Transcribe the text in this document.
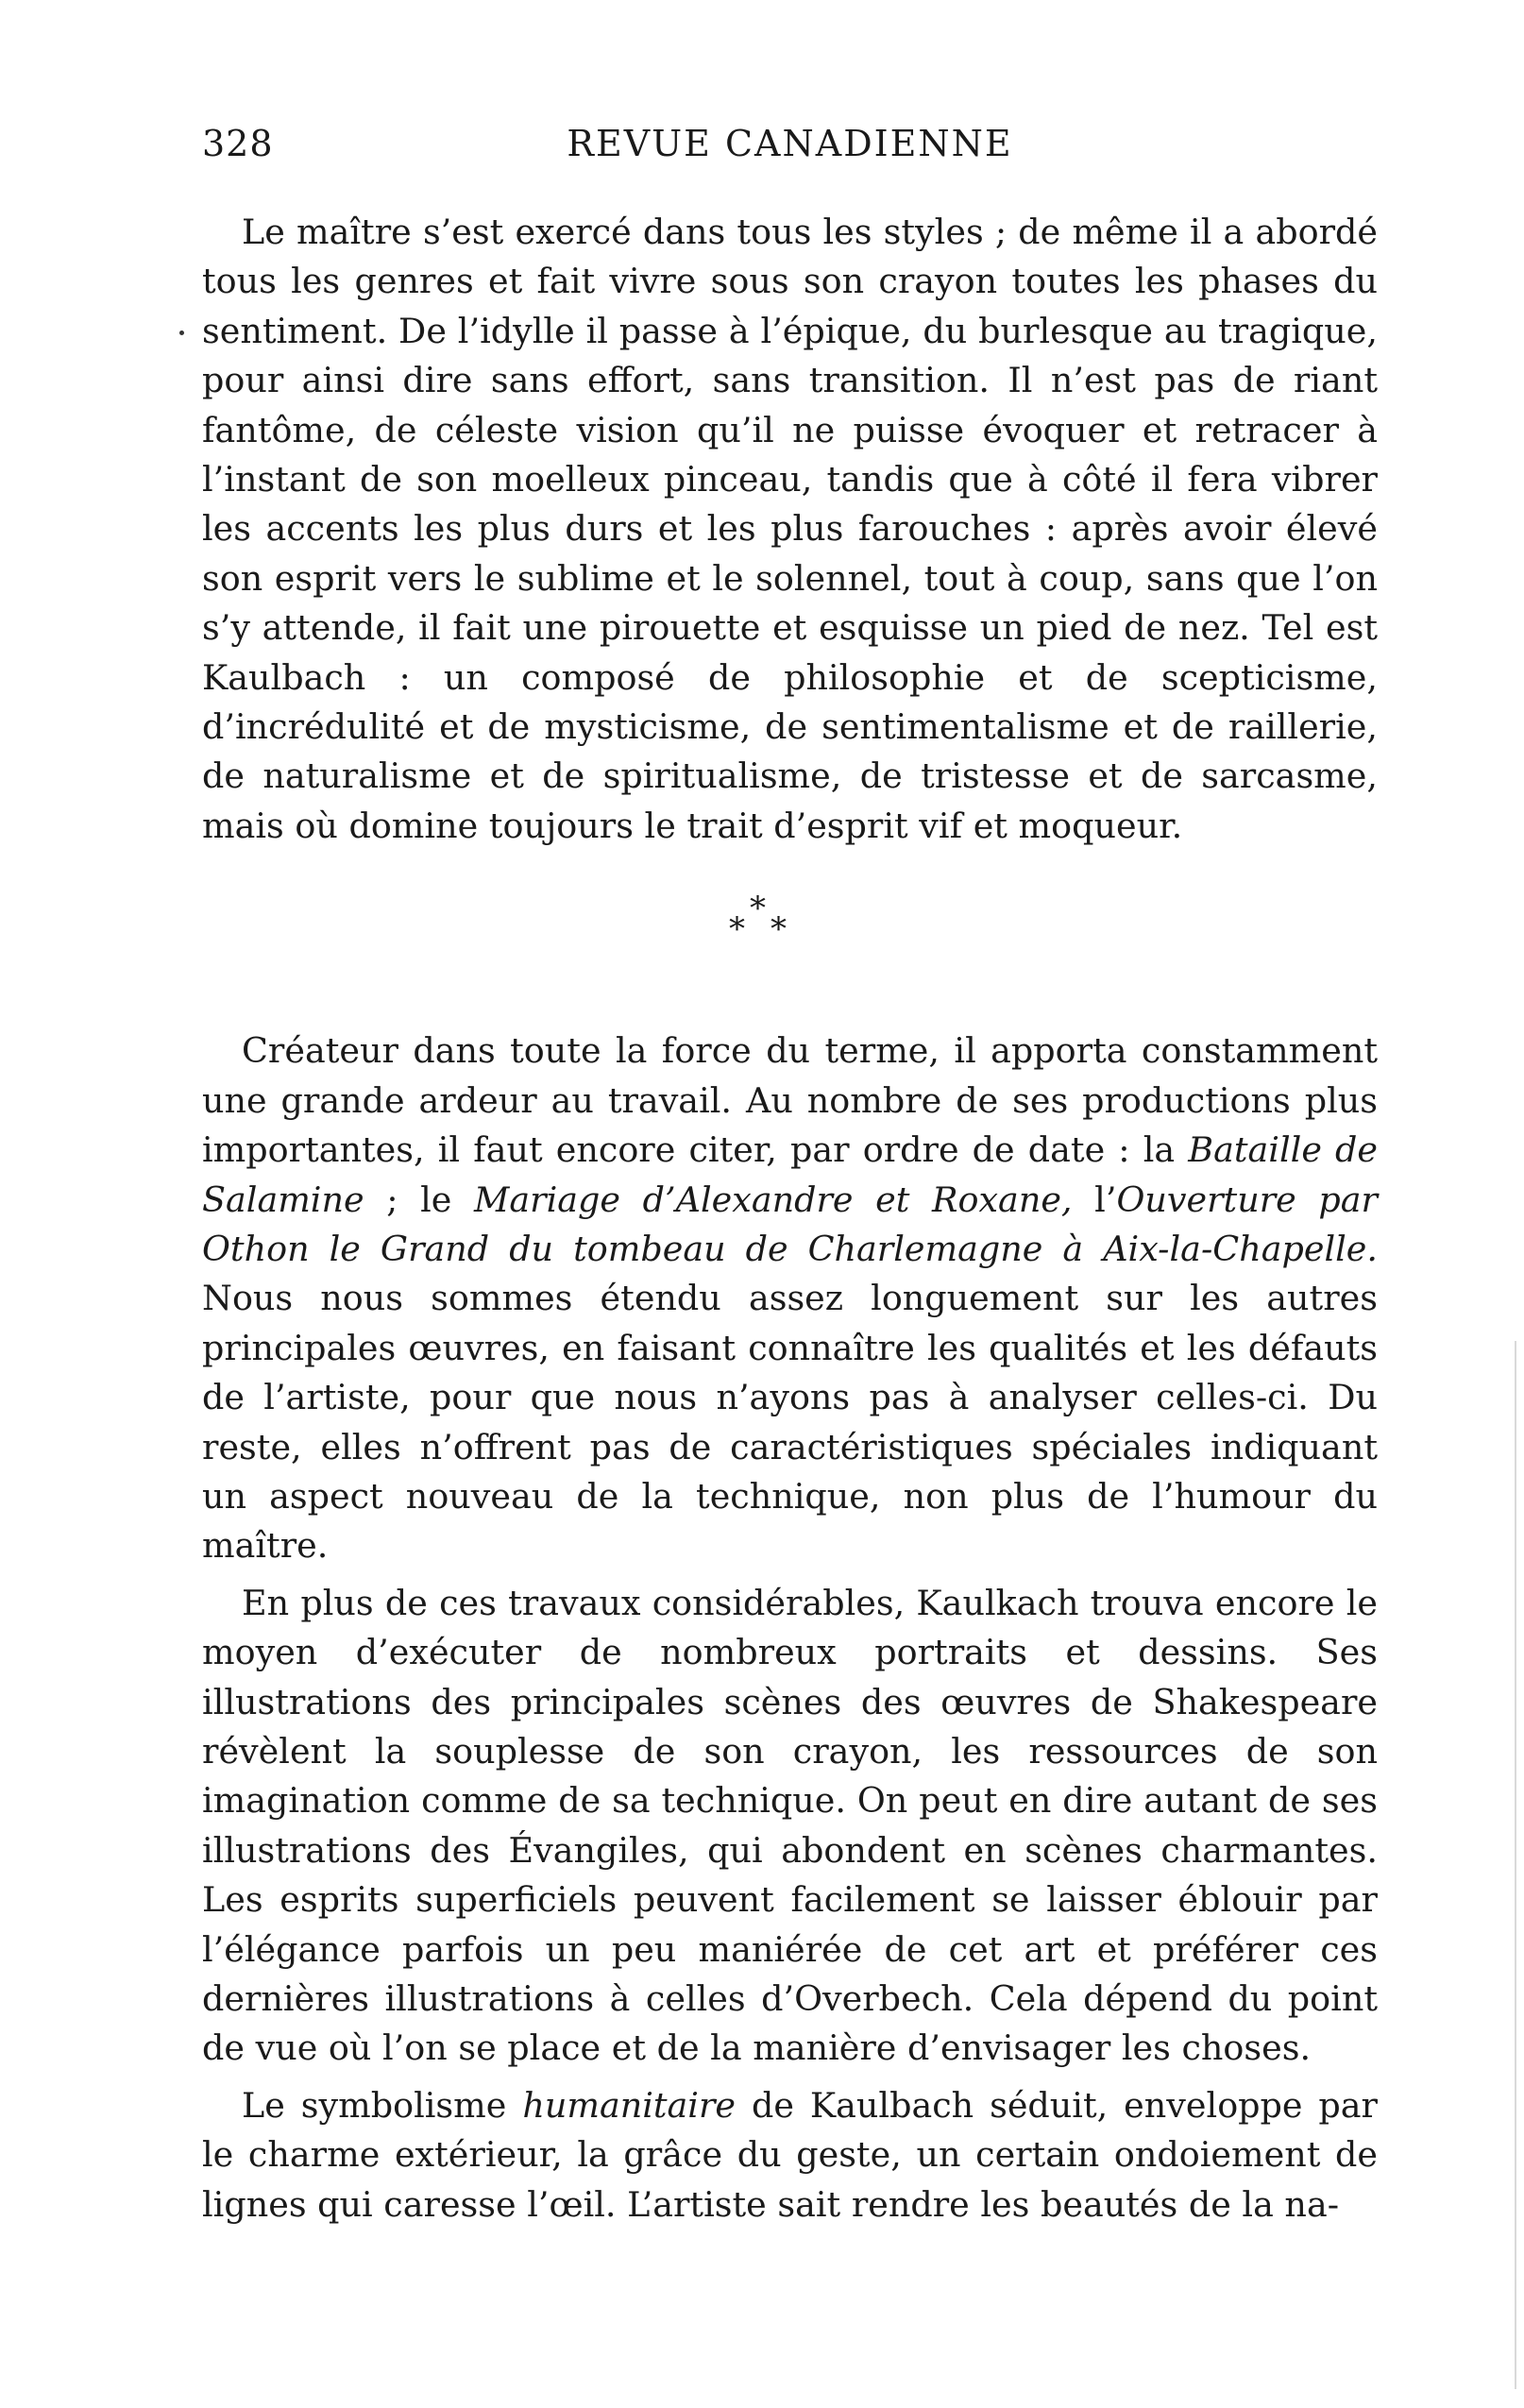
328	REVUE CANADIENNE

Le maître s’est exercé dans tous les styles ; de même il a abordé tous les genres et fait vivre sous son crayon toutes les phases du sentiment. De l’idylle il passe à l’épique, du burlesque au tragique, pour ainsi dire sans effort, sans transition. Il n’est pas de riant fantôme, de céleste vision qu’il ne puisse évoquer et retracer à l’instant de son moelleux pinceau, tandis que à côté il fera vibrer les accents les plus durs et les plus farouches : après avoir élevé son esprit vers le sublime et le solennel, tout à coup, sans que l’on s’y attende, il fait une pirouette et esquisse un pied de nez. Tel est Kaulbach : un composé de philosophie et de scepticisme, d’incrédulité et de mysticisme, de sentimentalisme et de raillerie, de naturalisme et de spiritualisme, de tristesse et de sarcasme, mais où domine toujours le trait d’esprit vif et moqueur.

*
* *

Créateur dans toute la force du terme, il apporta constamment une grande ardeur au travail. Au nombre de ses productions plus importantes, il faut encore citer, par ordre de date : la Bataille de Salamine ; le Mariage d’Alexandre et Roxane, l’Ouverture par Othon le Grand du tombeau de Charlemagne à Aix-la-Chapelle. Nous nous sommes étendu assez longuement sur les autres principales œuvres, en faisant connaître les qualités et les défauts de l’artiste, pour que nous n’ayons pas à analyser celles-ci. Du reste, elles n’offrent pas de caractéristiques spéciales indiquant un aspect nouveau de la technique, non plus de l’humour du maître.

En plus de ces travaux considérables, Kaulkach trouva encore le moyen d’exécuter de nombreux portraits et dessins. Ses illustrations des principales scènes des œuvres de Shakespeare révèlent la souplesse de son crayon, les ressources de son imagination comme de sa technique. On peut en dire autant de ses illustrations des Évangiles, qui abondent en scènes charmantes. Les esprits superficiels peuvent facilement se laisser éblouir par l’élégance parfois un peu maniérée de cet art et préférer ces dernières illustrations à celles d’Overbech. Cela dépend du point de vue où l’on se place et de la manière d’envisager les choses.

Le symbolisme humanitaire de Kaulbach séduit, enveloppe par le charme extérieur, la grâce du geste, un certain ondoiement de lignes qui caresse l’œil. L’artiste sait rendre les beautés de la na-
